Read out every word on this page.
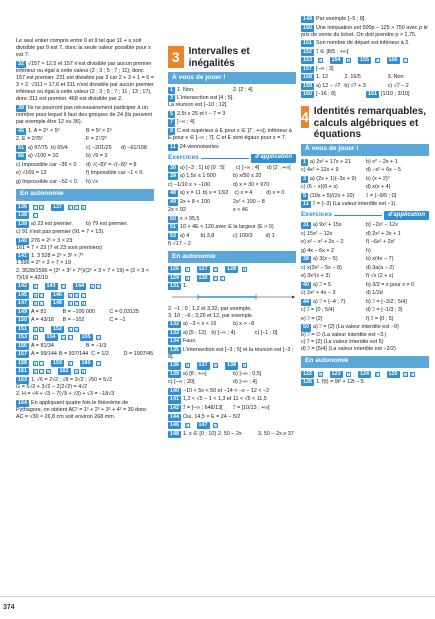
Le seul entier compris entre 0 et 9 tel que 11 + u soit divisible par 9 est 7, donc la seule valeur possible pour x est 7.
32 √157 ≈ 12,5 et 157 n'est divisible par aucun premier inférieur ou égal à cette valeur (2 ; 3 ; 5 ; 7 ; 11), donc 157 est premier. 231 est divisible par 3 car 2 + 3 + 1 = 6 = 3 × 2. √311 ≈ 17,6 et 311 n'est divisible par aucun premier inférieur ou égal à cette valeur (2 ; 3 ; 5 ; 7 ; 11 ; 13 ; 17), donc 311 est premier. 468 est divisible par 2.
39 Ils ne pourront pas nécessairement participer à un nombre pour lequel il faut des groupes de 24 (ils peuvent par exemple être 12 ou 36).
45 1. A = 2⁴ × 5³	B = 5² × 2⁶
2. E = 2²/5²	F = 2⁷/2²
51 a) 97/75 b) 65/4	c) −201/25	d) −61/108
56 a) √100 = 10	b) √9 = 3
c) Impossible car −36 < 0	d) √(−8)² = √(−8)² = 8
e) √169 = 13	f) Impossible car −1 < 0.
g) Impossible car −52 < 0.	h) √x
En autonomie
136	c d	137	b c d
138	c
139 a) 23 est premier.	b) 79 est premier.
c) 91 n'est pas premier (91 = 7 × 13).
140 276 = 2² × 3 × 23
161 = 7 × 23 (7 et 23 sont premiers)
141 1. 3 528 = 2³ × 3² × 7²
1 596 = 2² × 3 × 7 × 19
2. 3528/1596 = (2³ × 3² × 7²)/(2² × 3 × 7 × 19) = (2 × 3 × 7)/19 = 42/19
142	b	143	b	144	a c
145	a b	146	a b c
147	b c	148	b c d
149 A = 81	B = −100 000	C = 0,03125
150 A = 43/18	B = −102	C = −1
151	b d	152	b d
153	a	154	a c	155	b
156 A = 81/34	B = −1/3
157 A = 99/144 B = 937/144 C = 1/2	D = 1907/45
158	a c	159	b	160	c
161	b c d	162	a d
163 1. √6 = 2√2 ; √8 = 3√2 ; √50 = 5√2
G = 5√2 + 3√2 − 2(2√2) = 4√2
2. H = √4 + √3 − 7(√9 + √3) + √3 = −18√3
164 En appliquant quatre fois le théorème de Pythagore, on obtient AC² = 1² + 2² + 3² + 4² = 30 donc AC = √30 ≈ 26,8 cm soit environ 268 mm.
3 Intervalles et inégalités
À vous de jouer !
1 1. Non.	2. [2 ; 4]
3 L'intersection est [4 ; 5].
La réunion est [−10 ; 12].
5 2,5t ≥ 25 et t − 7 = 3
7 ]−∞ ; 4]
9 C est supérieur à E pour x ∈ ]7 ; +∞[, inférieur à E pour x ∈ ]−∞ ; 7[. C et E sont égaux pour x = 7.
11 24 viennoiseries
Exercices	d'application
30 a) [−3 ; 1] b) [0 ; 5[	c) ]−∞ ; 4]	d) [2 ; +∞[
39 a) 1,5x ≤ 1 500	b) x/50 ≤ 20
c) −1/10 x > −100	d) x = 30 × 970
48 a) x = 11 b) x = 13/2	c) x = 4	d) x = 0
49 2x + 8 < 100	2x² < 100 − 8
2x < 92	x < 46
50 x > 95,5
51 10 + 4E < 120 avec E la largeur (E > 0)
53 a) 4	b) 3,8	c) 100/3	d) 1
f) √17 − 2
En autonomie
126	c	127	b	128	d
129	b	130	b d
131 1.
2. −1 ; 0 ; 1,2 et 3,32, par exemple.
3. 10 ; −6 ; 3,26 et 12, par exemple.
132 a) −3 < x < 16	b) x > −8
133 a) [5 ; 12]	b) ]−∞ ; 4]	c) ]−1 ; 0]
134 Faux.
135 L'intersection est [−3 ; 5[ et la réunion est [−3 ; 8].
136	d	137	a	138	a
139 a) [8 ; +∞[	b) ]−∞ ; 0,5]
c) ]−∞ ; 20]	d) ]−∞ ; 4]
140 −10 < 5x < 50 et −14 < −x − 12 < −2
141 1,2 < √5 − 1 < 1,3 et 11 < √5 < 11,5
142 ℐ = ]−∞ ; 648/13[	ℐ = ]10/13 ; +∞[
144 Oui. 14,5 × E = 24 − 5/2
146	b	147	d
148 1. x ∈ [0 ; 10] 2. 50 − 2x	3. 50 − 2x ≥ 37
149 Par exemple [−5 ; 8].
150 Une inéquation est 500p − 125 > 750 avec p le prix de vente du ticket. On doit prendre p > 1,75.
151 Son nombre de départ est inférieur à 2.
152 ℐ ∈ ]8/5 ; +∞[
153	b	154	a	155	b	156	c
157 ]−∞ ; 3]
158 1. 12	2. 16/5	3. Non
159 a) 12 − √7 b) √7 + 3	c) √7 − 2
160 [−16 ; 8]	161 [1/10 ; 3/10]
4 Identités remarquables, calculs algébriques et équations
À vous de jouer !
1 a) 2x² + 17x + 21	b) x² − 2x + 1
c) 4x² + 12x + 9	d) −x² + 6x − 5
3 a) (2x + 1)(−3x + 9)	b) (x + 2)²
c) (6 − x)(6 + x)	d) x(x + 4)
5 (10x + 5)/(2x + 10)	ℐ = {−9/5 ; 0}
11 ℐ = {−3} (La valeur interdite est −1).
Exercices	d'application
31 a) 9x² + 15x	b) −2x² − 12x
c) 15x² − 12x	d) 2x² + 3x + 1
e) x² − x² + 2x − 2	f) −6x² + 2x²
g) 4x − 6x + 2	h)
38 a) 3(x − 5)	b) x(4x − 7)
c) x(3x² − 5x − 8)	d) 3a(a − 2)
e) 3x²(x + 3)	f) √x (2 + x)
40 a) ℐ = 5	b) 3/2 = x pour x ≠ 0
c) 2x² + 4x − 3	d) 1/2d
44 a) ℐ = {−4 ; 7}	b) ℐ = {−3/2 ; 5/4}
c) ℐ = {0 ; 5/4}	d) ℐ = {−1/3 ; 3}
e) ℐ = {2}	f) ℐ = {0 ; 5}
50 a) ℐ = {2} (La valeur interdite est −9)
b) ℐ = ∅ (La valeur interdite est −3.)
c) ℐ = {2} (La valeur interdite est 5)
d) ℐ = {5/4} (La valeur interdite est −3/2)
En autonomie
122	a	123	c	124	b	125	a b
126 1. f(t) = 9t² + 12t − 5
374
